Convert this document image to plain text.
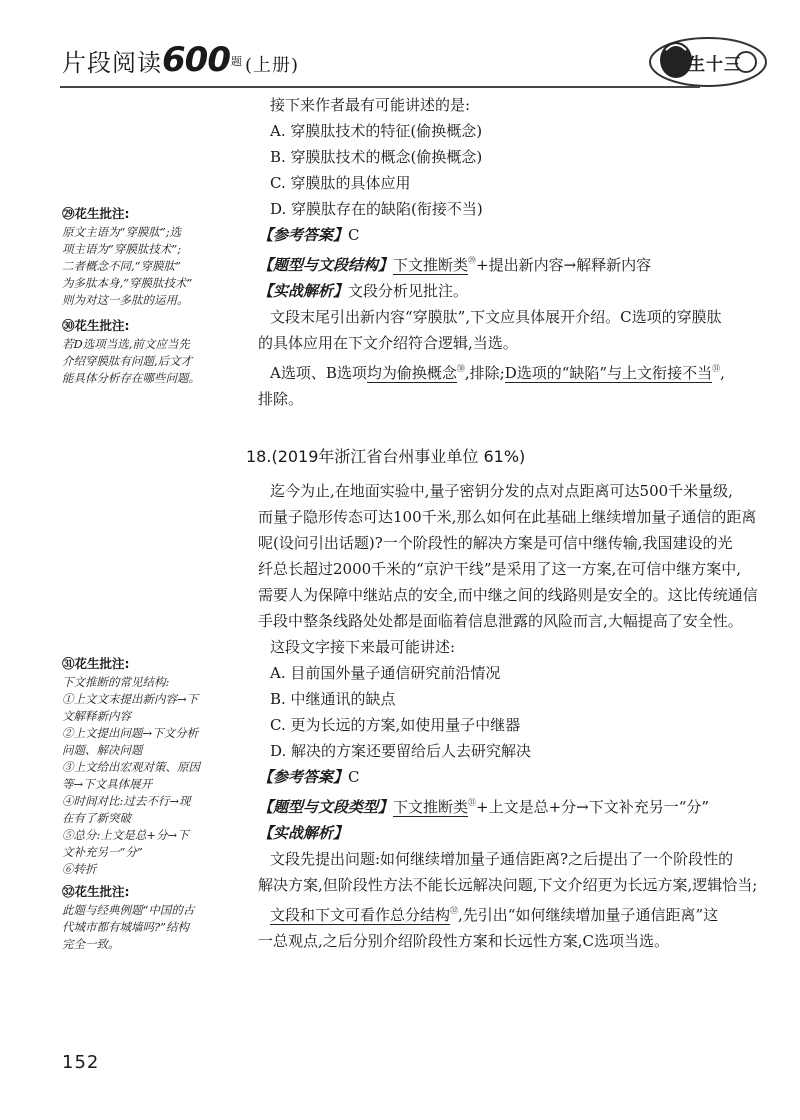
片段阅读$600^题$ (上册)	花生十三
接下来作者最有可能讲述的是:
A. 穿膜肽技术的特征(偷换概念)
B. 穿膜肽技术的概念(偷换概念)
C. 穿膜肽的具体应用
D. 穿膜肽存在的缺陷(衔接不当)
【参考答案】C
【题型与文段结构】下文推断类$^㉙$+提出新内容→解释新内容
【实战解析】文段分析见批注。
文段末尾引出新内容“穿膜肽”,下文应具体展开介绍。C选项的穿膜肽
的具体应用在下文介绍符合逻辑,当选。
A选项、B选项均为偷换概念$^㉚$,排除;D选项的“缺陷”与上文衔接不当$^㉛$,
排除。
18.(2019年浙江省台州事业单位 61%)
迄今为止,在地面实验中,量子密钥分发的点对点距离可达500千米量级,
而量子隐形传态可达100千米,那么如何在此基础上继续增加量子通信的距离
呢(设问引出话题)?一个阶段性的解决方案是可信中继传输,我国建设的光
纤总长超过2000千米的“京沪干线”是采用了这一方案,在可信中继方案中,
需要人为保障中继站点的安全,而中继之间的线路则是安全的。这比传统通信
手段中整条线路处处都是面临着信息泄露的风险而言,大幅提高了安全性。
这段文字接下来最可能讲述:
A. 目前国外量子通信研究前沿情况
B. 中继通讯的缺点
C. 更为长远的方案,如使用量子中继器
D. 解决的方案还要留给后人去研究解决
【参考答案】C
【题型与文段类型】下文推断类$^㉛$+上文是总+分→下文补充另一“分”
【实战解析】
文段先提出问题:如何继续增加量子通信距离?之后提出了一个阶段性的
解决方案,但阶段性方法不能长远解决问题,下文介绍更为长远方案,逻辑恰当;
文段和下文可看作总分结构$^㉜$,先引出“如何继续增加量子通信距离”这
一总观点,之后分别介绍阶段性方案和长远性方案,C选项当选。
㉙花生批注:
原文主语为“穿膜肽”;选
项主语为“穿膜肽技术”;
二者概念不同,“穿膜肽”
为多肽本身,“穿膜肽技术”
则为对这一多肽的运用。
㉚花生批注:
若D选项当选,前文应当先
介绍穿膜肽有问题,后文才
能具体分析存在哪些问题。
㉛花生批注:
下文推断的常见结构:
①上文文末提出新内容→下
文解释新内容
②上文提出问题→下文分析
问题、解决问题
③上文给出宏观对策、原因
等→下文具体展开
④时间对比:过去不行→现
在有了新突破
⑤总分:上文是总+分→下
文补充另一“分”
⑥转折
㉜花生批注:
此题与经典例题“中国的古
代城市都有城墙吗?”结构
完全一致。
152
